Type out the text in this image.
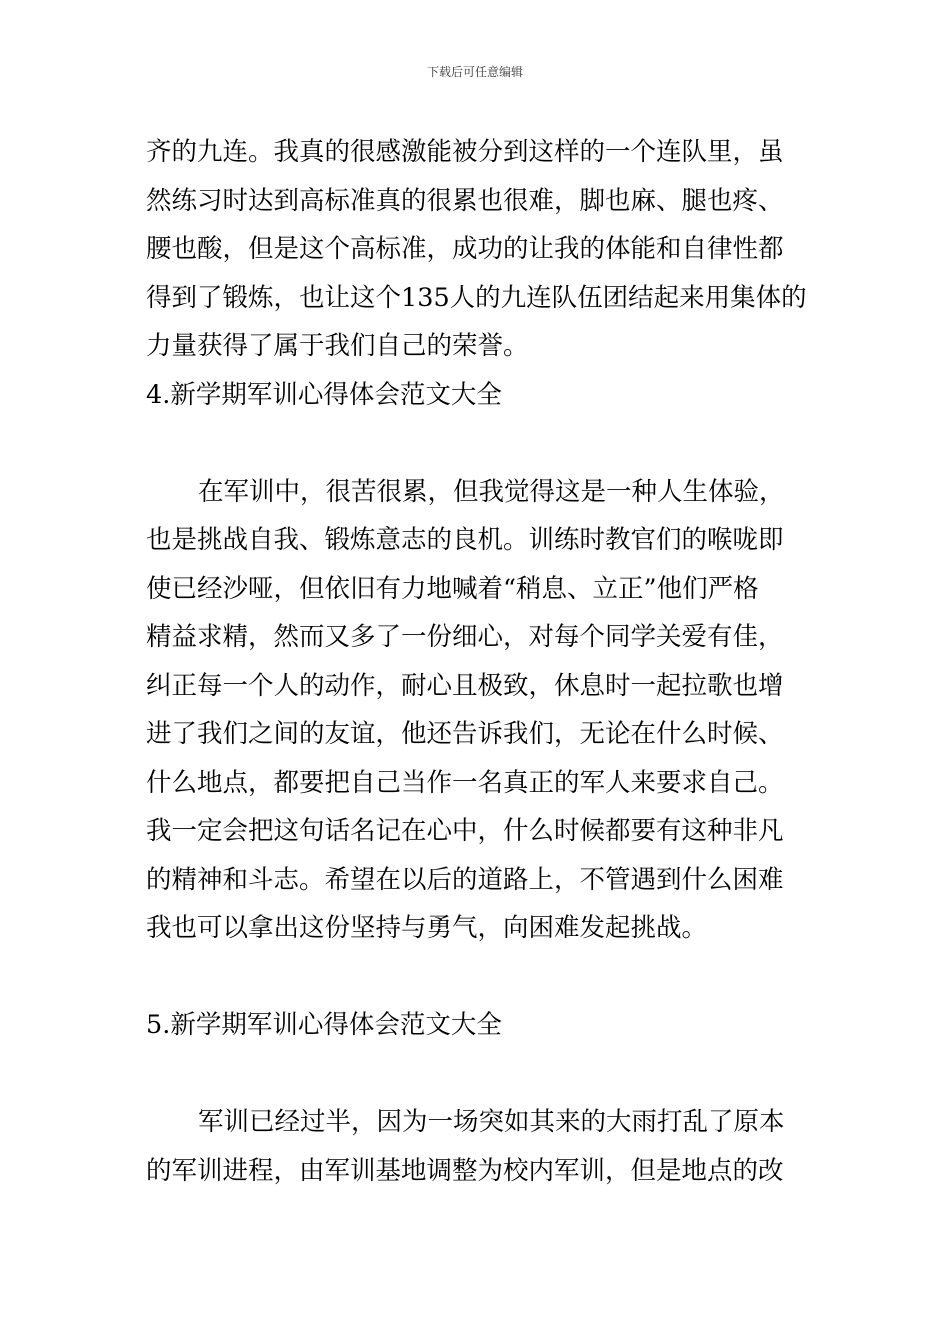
下载后可任意编辑
齐的九连。我真的很感激能被分到这样的一个连队里，虽
然练习时达到高标准真的很累也很难，脚也麻、腿也疼、
腰也酸，但是这个高标准，成功的让我的体能和自律性都
得到了锻炼，也让这个135人的九连队伍团结起来用集体的
力量获得了属于我们自己的荣誉。
4.新学期军训心得体会范文大全
在军训中，很苦很累，但我觉得这是一种人生体验，
也是挑战自我、锻炼意志的良机。训练时教官们的喉咙即
使已经沙哑，但依旧有力地喊着“稍息、立正”他们严格
精益求精，然而又多了一份细心，对每个同学关爱有佳，
纠正每一个人的动作，耐心且极致，休息时一起拉歌也增
进了我们之间的友谊，他还告诉我们，无论在什么时候、
什么地点，都要把自己当作一名真正的军人来要求自己。
我一定会把这句话名记在心中，什么时候都要有这种非凡
的精神和斗志。希望在以后的道路上，不管遇到什么困难
我也可以拿出这份坚持与勇气，向困难发起挑战。
5.新学期军训心得体会范文大全
军训已经过半，因为一场突如其来的大雨打乱了原本
的军训进程，由军训基地调整为校内军训，但是地点的改
